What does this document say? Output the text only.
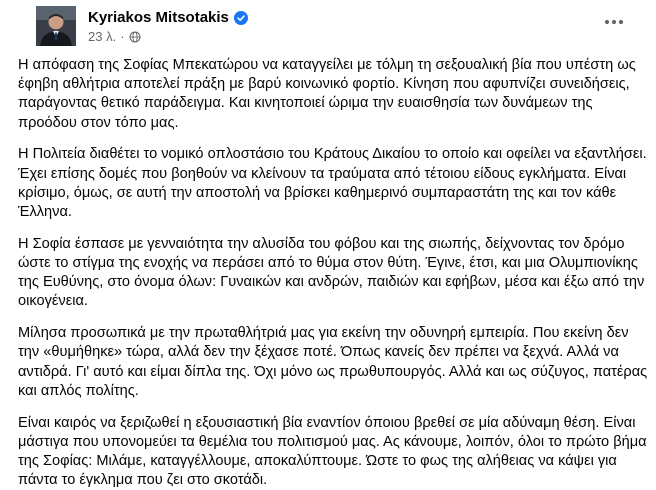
Kyriakos Mitsotakis
23 λ. ·

Η απόφαση της Σοφίας Μπεκατώρου να καταγγείλει με τόλμη τη σεξουαλική βία που υπέστη ως έφηβη αθλήτρια αποτελεί πράξη με βαρύ κοινωνικό φορτίο. Κίνηση που αφυπνίζει συνειδήσεις, παράγοντας θετικό παράδειγμα. Και κινητοποιεί ώριμα την ευαισθησία των δυνάμεων της προόδου στον τόπο μας.

Η Πολιτεία διαθέτει το νομικό οπλοστάσιο του Κράτους Δικαίου το οποίο και οφείλει να εξαντλήσει. Έχει επίσης δομές που βοηθούν να κλείνουν τα τραύματα από τέτοιου είδους εγκλήματα. Είναι κρίσιμο, όμως, σε αυτή την αποστολή να βρίσκει καθημερινό συμπαραστάτη της και τον κάθε Έλληνα.

Η Σοφία έσπασε με γενναιότητα την αλυσίδα του φόβου και της σιωπής, δείχνοντας τον δρόμο ώστε το στίγμα της ενοχής να περάσει από το θύμα στον θύτη. Έγινε, έτσι, και μια Ολυμπιονίκης της Ευθύνης, στο όνομα όλων: Γυναικών και ανδρών, παιδιών και εφήβων, μέσα και έξω από την οικογένεια.

Μίλησα προσωπικά με την πρωταθλήτριά μας για εκείνη την οδυνηρή εμπειρία. Που εκείνη δεν την «θυμήθηκε» τώρα, αλλά δεν την ξέχασε ποτέ. Όπως κανείς δεν πρέπει να ξεχνά. Αλλά να αντιδρά. Γι' αυτό και είμαι δίπλα της. Όχι μόνο ως πρωθυπουργός. Αλλά και ως σύζυγος, πατέρας και απλός πολίτης.

Είναι καιρός να ξεριζωθεί η εξουσιαστική βία εναντίον όποιου βρεθεί σε μία αδύναμη θέση. Είναι μάστιγα που υπονομεύει τα θεμέλια του πολιτισμού μας. Ας κάνουμε, λοιπόν, όλοι το πρώτο βήμα της Σοφίας: Μιλάμε, καταγγέλλουμε, αποκαλύπτουμε. Ώστε το φως της αλήθειας να κάψει για πάντα το έγκλημα που ζει στο σκοτάδι.
